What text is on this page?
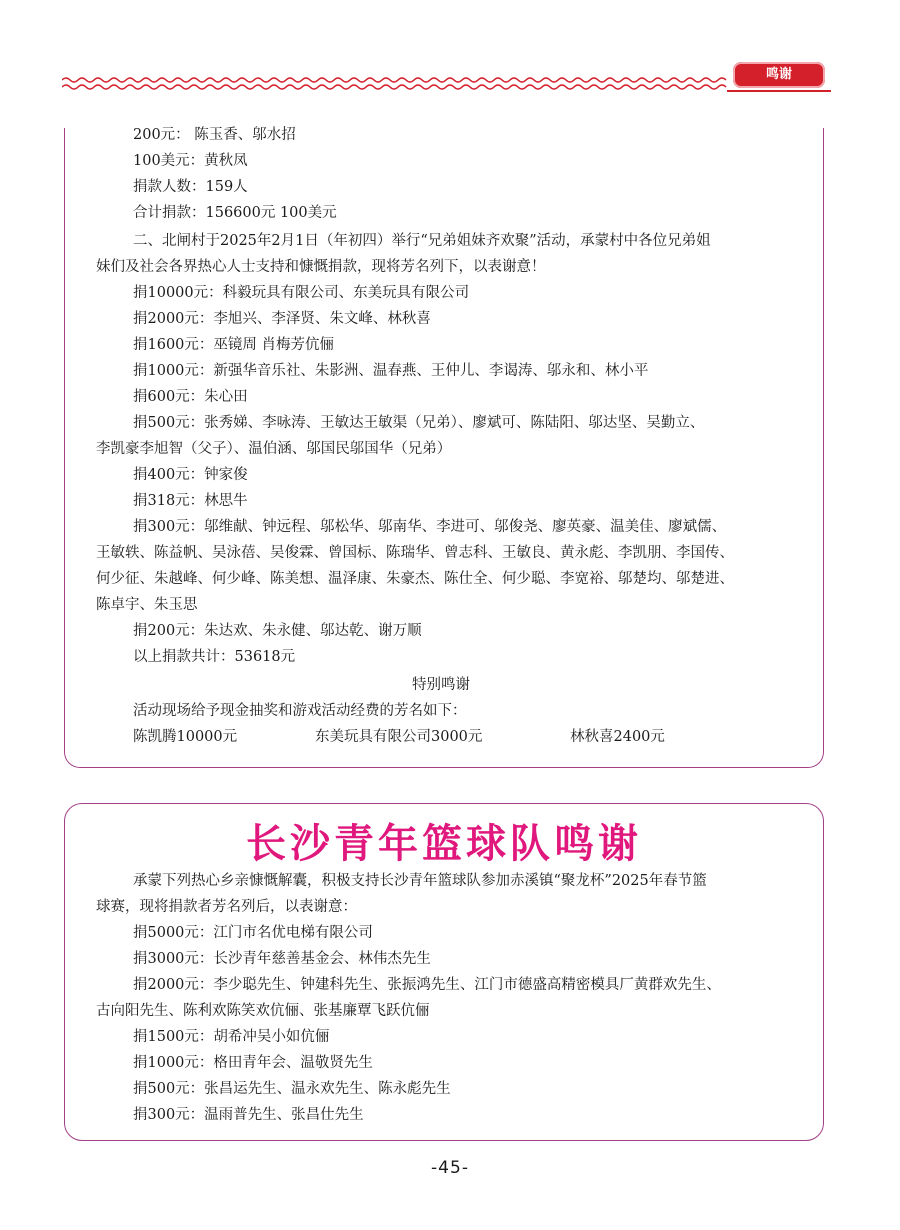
鸣谢
200元： 陈玉香、邬水招
100美元：黄秋凤
捐款人数：159人
合计捐款：156600元 100美元
二、北闸村于2025年2月1日（年初四）举行“兄弟姐妹齐欢聚”活动，承蒙村中各位兄弟姐
妹们及社会各界热心人士支持和慷慨捐款，现将芳名列下，以表谢意！
捐10000元：科毅玩具有限公司、东美玩具有限公司
捐2000元：李旭兴、李泽贤、朱文峰、林秋喜
捐1600元：巫镜周 肖梅芳伉俪
捐1000元：新强华音乐社、朱影洲、温春燕、王仲儿、李谒涛、邬永和、林小平
捐600元：朱心田
捐500元：张秀娣、李咏涛、王敏达王敏渠（兄弟）、廖斌可、陈陆阳、邬达坚、吴勤立、
李凯豪李旭智（父子）、温伯涵、邬国民邬国华（兄弟）
捐400元：钟家俊
捐318元：林思牛
捐300元：邬维献、钟远程、邬松华、邬南华、李进可、邬俊尧、廖英豪、温美佳、廖斌儒、
王敏轶、陈益帆、吴泳蓓、吴俊霖、曾国标、陈瑞华、曾志科、王敏良、黄永彪、李凯朋、李国传、
何少征、朱越峰、何少峰、陈美想、温泽康、朱豪杰、陈仕全、何少聪、李宽裕、邬楚均、邬楚进、
陈卓宇、朱玉思
捐200元：朱达欢、朱永健、邬达乾、谢万顺
以上捐款共计：53618元
特别鸣谢
活动现场给予现金抽奖和游戏活动经费的芳名如下：
陈凯腾10000元	东美玩具有限公司3000元	林秋喜2400元
长沙青年篮球队鸣谢
承蒙下列热心乡亲慷慨解囊，积极支持长沙青年篮球队参加赤溪镇“聚龙杯”2025年春节篮
球赛，现将捐款者芳名列后，以表谢意：
捐5000元：江门市名优电梯有限公司
捐3000元：长沙青年慈善基金会、林伟杰先生
捐2000元：李少聪先生、钟建科先生、张振鸿先生、江门市德盛高精密模具厂黄群欢先生、
古向阳先生、陈利欢陈笑欢伉俪、张基廉覃飞跃伉俪
捐1500元：胡希冲吴小如伉俪
捐1000元：格田青年会、温敬贤先生
捐500元：张昌运先生、温永欢先生、陈永彪先生
捐300元：温雨普先生、张昌仕先生
-45-
